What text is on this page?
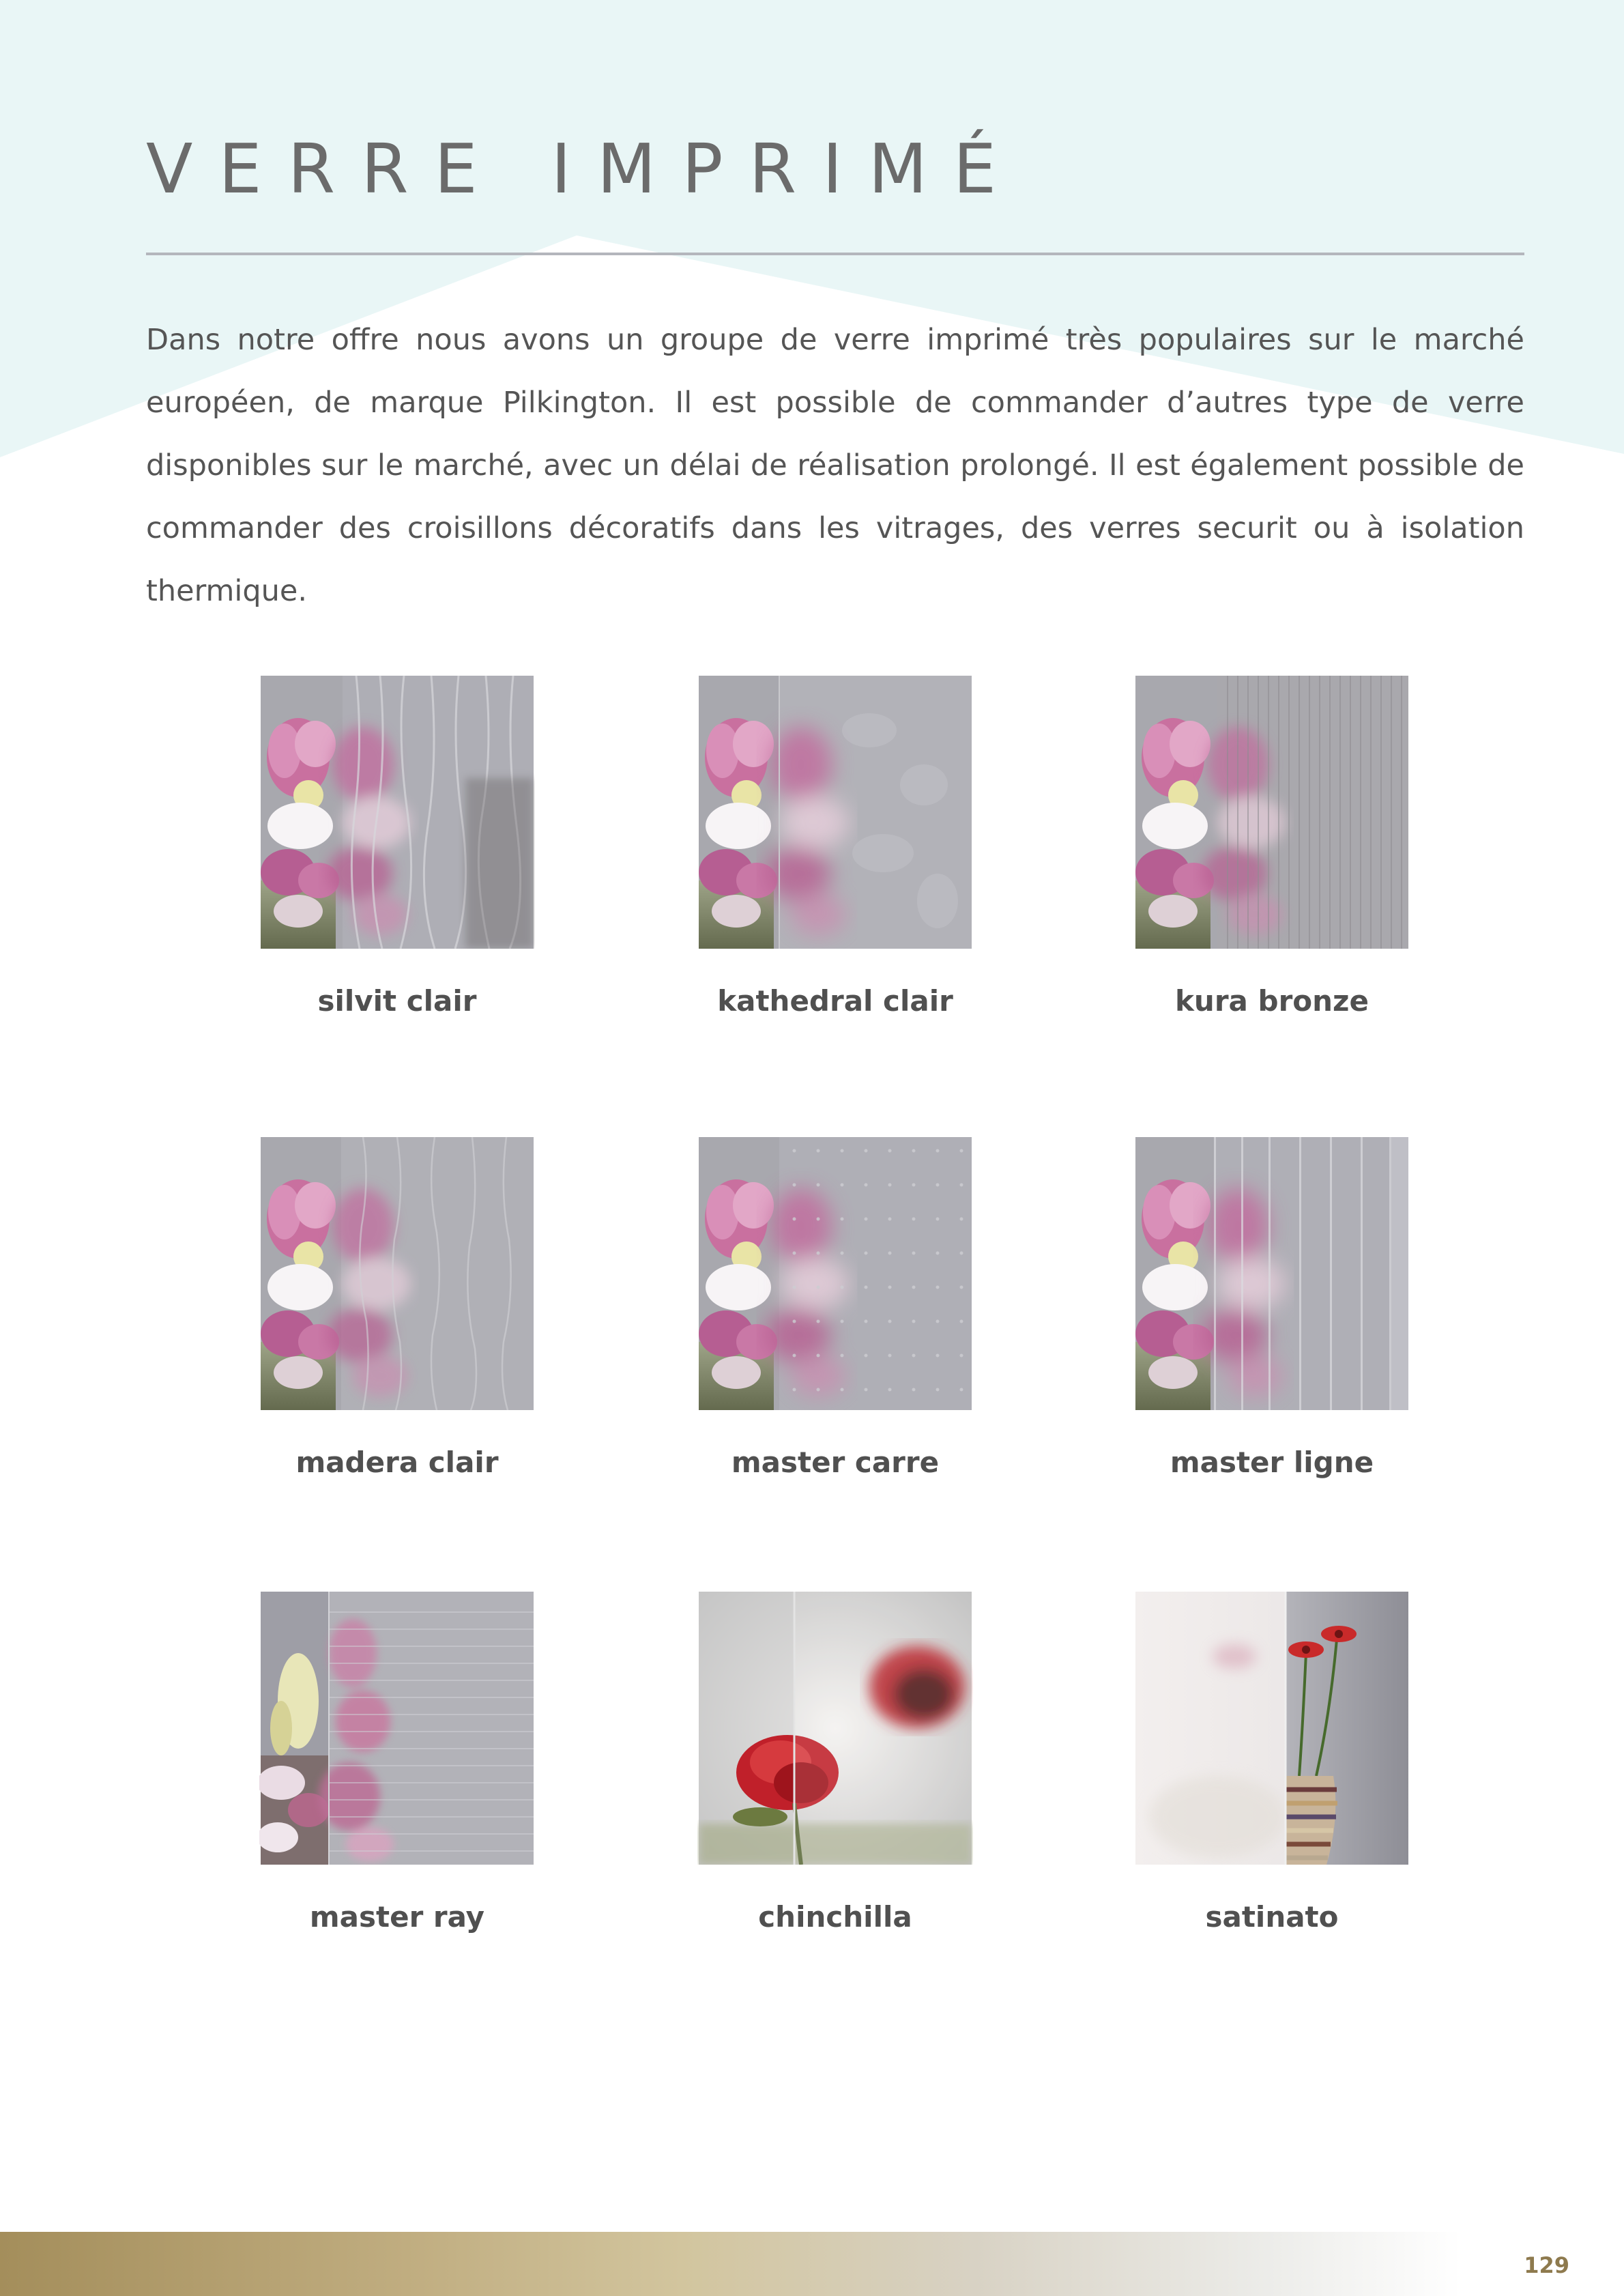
VERRE IMPRIMÉ

Dans notre offre nous avons un groupe de verre imprimé très populaires sur le marché européen, de marque Pilkington. Il est possible de commander d’autres type de verre disponibles sur le marché, avec un délai de réalisation prolongé. Il est également possible de commander des croisillons décoratifs dans les vitrages, des verres securit ou à isolation thermique.

silvit clair	kathedral clair	kura bronze
madera clair	master carre	master ligne
master ray	chinchilla	satinato
129
